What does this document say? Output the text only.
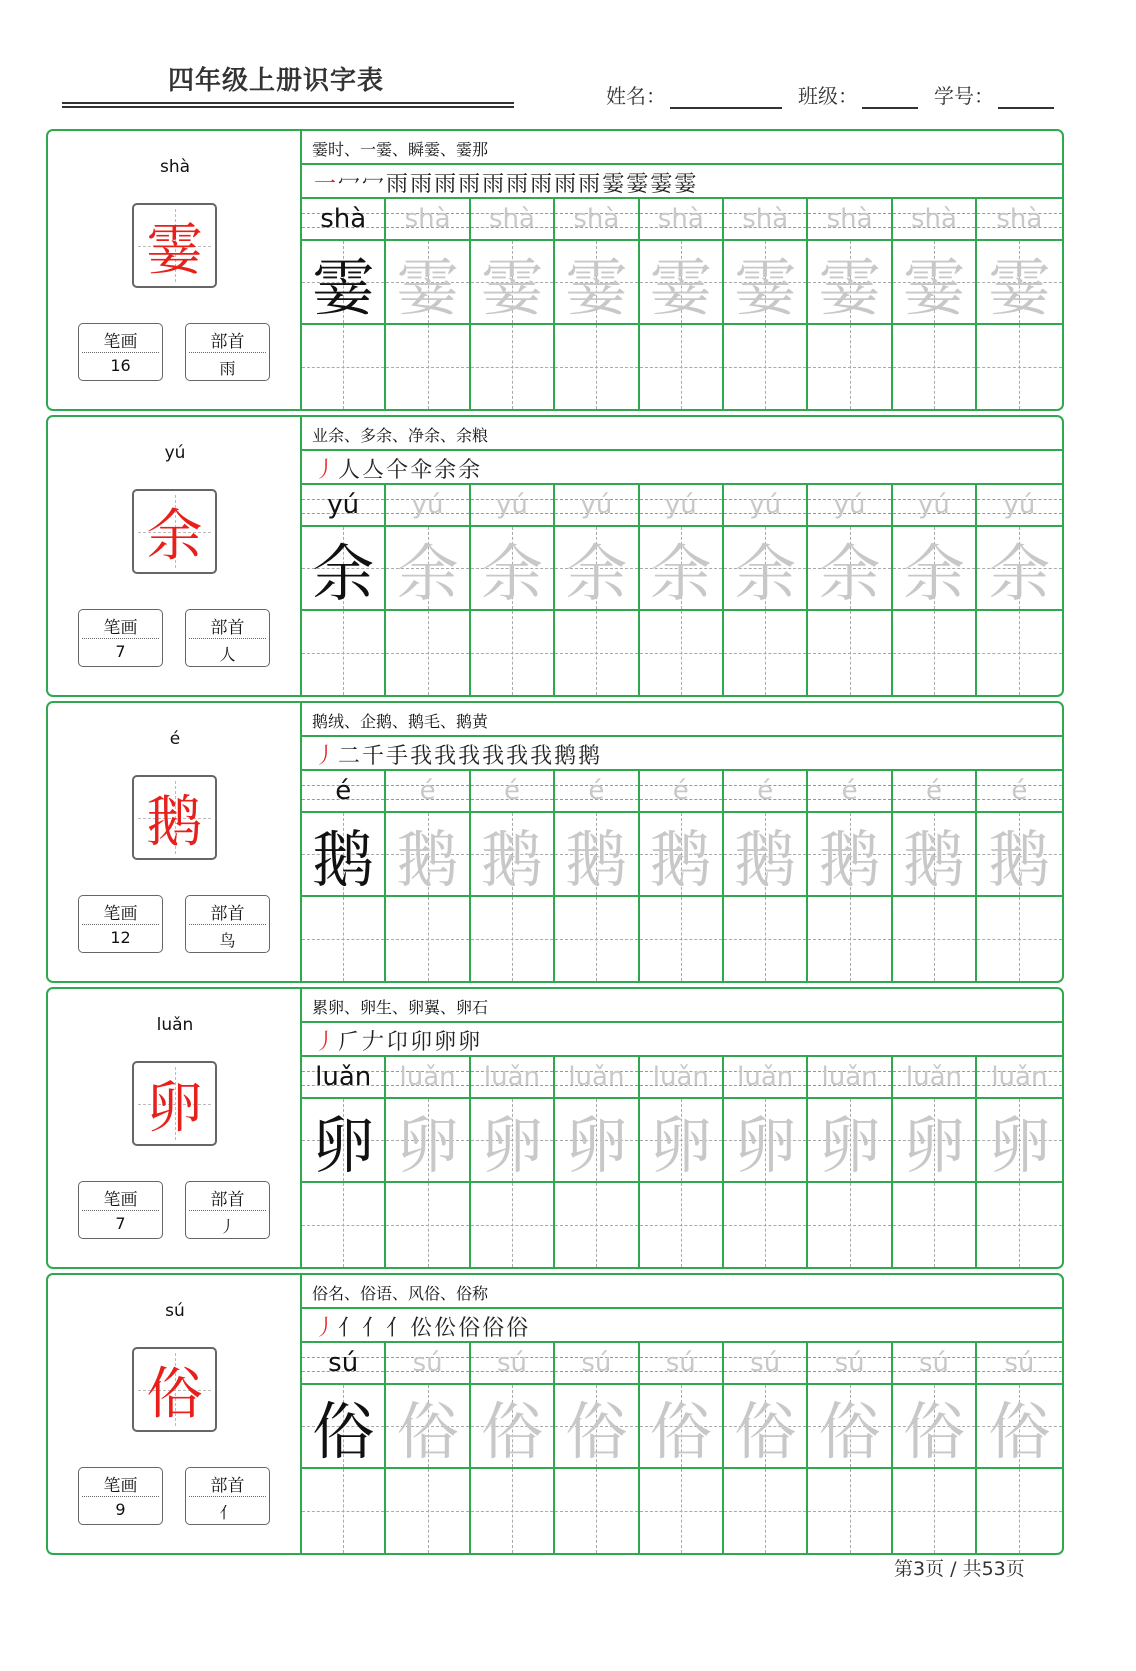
四年级上册识字表	姓名：	班级：	学号：
shà
霎
笔画
16
部首
雨
霎时、一霎、瞬霎、霎那
一冖冖雨雨雨雨雨雨雨雨雨霎霎霎霎
shà
霎
shà
霎
shà
霎
shà
霎
shà
霎
shà
霎
shà
霎
shà
霎
shà
霎
yú
余
笔画
7
部首
人
业余、多余、净余、余粮
丿人亼仐伞余余
yú
余
yú
余
yú
余
yú
余
yú
余
yú
余
yú
余
yú
余
yú
余
é
鹅
笔画
12
部首
鸟
鹅绒、企鹅、鹅毛、鹅黄
丿二千手我我我我我我鹅鹅
é
鹅
é
鹅
é
鹅
é
鹅
é
鹅
é
鹅
é
鹅
é
鹅
é
鹅
luǎn
卵
笔画
7
部首
丿
累卵、卵生、卵翼、卵石
丿𠂆𠂇卬卯卵卵
luǎn
卵
luǎn
卵
luǎn
卵
luǎn
卵
luǎn
卵
luǎn
卵
luǎn
卵
luǎn
卵
luǎn
卵
sú
俗
笔画
9
部首
亻
俗名、俗语、风俗、俗称
丿亻亻亻伀伀俗俗俗
sú
俗
sú
俗
sú
俗
sú
俗
sú
俗
sú
俗
sú
俗
sú
俗
sú
俗
第3页 / 共53页
